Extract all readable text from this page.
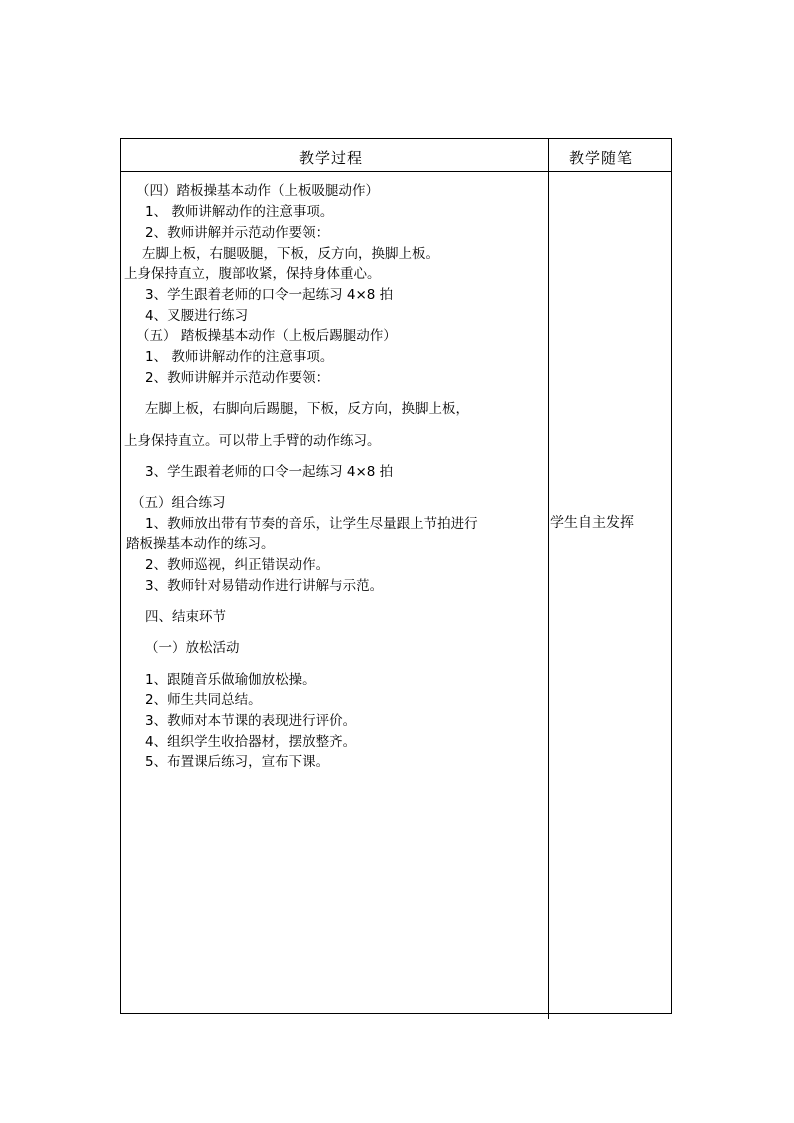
教学过程	教学随笔
（四）踏板操基本动作（上板吸腿动作）
1、 教师讲解动作的注意事项。
2、教师讲解并示范动作要领：
左脚上板，右腿吸腿，下板，反方向，换脚上板。
上身保持直立，腹部收紧，保持身体重心。
3、学生跟着老师的口令一起练习 4×8 拍
4、叉腰进行练习
（五） 踏板操基本动作（上板后踢腿动作）
1、 教师讲解动作的注意事项。
2、教师讲解并示范动作要领：
左脚上板，右脚向后踢腿，下板，反方向，换脚上板，
上身保持直立。可以带上手臂的动作练习。
3、学生跟着老师的口令一起练习 4×8 拍
（五）组合练习
1、教师放出带有节奏的音乐，让学生尽量跟上节拍进行
踏板操基本动作的练习。
2、教师巡视，纠正错误动作。
3、教师针对易错动作进行讲解与示范。
四、结束环节
（一）放松活动
1、跟随音乐做瑜伽放松操。
2、师生共同总结。
3、教师对本节课的表现进行评价。
4、组织学生收拾器材，摆放整齐。
5、布置课后练习，宣布下课。
学生自主发挥
